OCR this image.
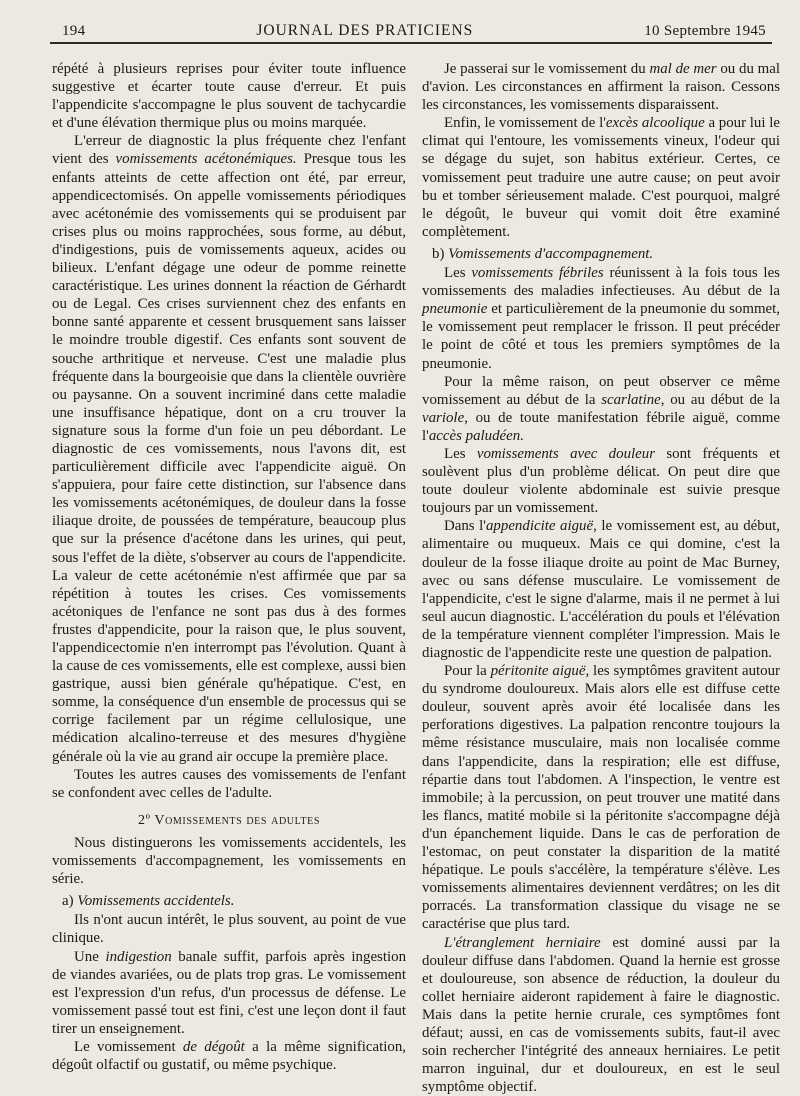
194	JOURNAL DES PRATICIENS	10 Septembre 1945

répété à plusieurs reprises pour éviter toute influence suggestive et écarter toute cause d'erreur. Et puis l'appendicite s'accompagne le plus souvent de tachycardie et d'une élévation thermique plus ou moins marquée.

L'erreur de diagnostic la plus fréquente chez l'enfant vient des vomissements acétonémiques. Presque tous les enfants atteints de cette affection ont été, par erreur, appendicectomisés. On appelle vomissements périodiques avec acétonémie des vomissements qui se produisent par crises plus ou moins rapprochées, sous forme, au début, d'indigestions, puis de vomissements aqueux, acides ou bilieux. L'enfant dégage une odeur de pomme reinette caractéristique. Les urines donnent la réaction de Gérhardt ou de Legal. Ces crises surviennent chez des enfants en bonne santé apparente et cessent brusquement sans laisser le moindre trouble digestif. Ces enfants sont souvent de souche arthritique et nerveuse. C'est une maladie plus fréquente dans la bourgeoisie que dans la clientèle ouvrière ou paysanne. On a souvent incriminé dans cette maladie une insuffisance hépatique, dont on a cru trouver la signature sous la forme d'un foie un peu débordant. Le diagnostic de ces vomissements, nous l'avons dit, est particulièrement difficile avec l'appendicite aiguë. On s'appuiera, pour faire cette distinction, sur l'absence dans les vomissements acétonémiques, de douleur dans la fosse iliaque droite, de poussées de température, beaucoup plus que sur la présence d'acétone dans les urines, qui peut, sous l'effet de la diète, s'observer au cours de l'appendicite. La valeur de cette acétonémie n'est affirmée que par sa répétition à toutes les crises. Ces vomissements acétoniques de l'enfance ne sont pas dus à des formes frustes d'appendicite, pour la raison que, le plus souvent, l'appendicectomie n'en interrompt pas l'évolution. Quant à la cause de ces vomissements, elle est complexe, aussi bien gastrique, aussi bien générale qu'hépatique. C'est, en somme, la conséquence d'un ensemble de processus qui se corrige facilement par un régime cellulosique, une médication alcalino-terreuse et des mesures d'hygiène générale où la vie au grand air occupe la première place.

Toutes les autres causes des vomissements de l'enfant se confondent avec celles de l'adulte.

2º Vomissements des adultes

Nous distinguerons les vomissements accidentels, les vomissements d'accompagnement, les vomissements en série.

a) Vomissements accidentels.

Ils n'ont aucun intérêt, le plus souvent, au point de vue clinique.

Une indigestion banale suffit, parfois après ingestion de viandes avariées, ou de plats trop gras. Le vomissement est l'expression d'un refus, d'un processus de défense. Le vomissement passé tout est fini, c'est une leçon dont il faut tirer un enseignement.

Le vomissement de dégoût a la même signification, dégoût olfactif ou gustatif, ou même psychique.

Je passerai sur le vomissement du mal de mer ou du mal d'avion. Les circonstances en affirment la raison. Cessons les circonstances, les vomissements disparaissent.

Enfin, le vomissement de l'excès alcoolique a pour lui le climat qui l'entoure, les vomissements vineux, l'odeur qui se dégage du sujet, son habitus extérieur. Certes, ce vomissement peut traduire une autre cause; on peut avoir bu et tomber sérieusement malade. C'est pourquoi, malgré le dégoût, le buveur qui vomit doit être examiné complètement.

b) Vomissements d'accompagnement.

Les vomissements fébriles réunissent à la fois tous les vomissements des maladies infectieuses. Au début de la pneumonie et particulièrement de la pneumonie du sommet, le vomissement peut remplacer le frisson. Il peut précéder le point de côté et tous les premiers symptômes de la pneumonie.

Pour la même raison, on peut observer ce même vomissement au début de la scarlatine, ou au début de la variole, ou de toute manifestation fébrile aiguë, comme l'accès paludéen.

Les vomissements avec douleur sont fréquents et soulèvent plus d'un problème délicat. On peut dire que toute douleur violente abdominale est suivie presque toujours par un vomissement.

Dans l'appendicite aiguë, le vomissement est, au début, alimentaire ou muqueux. Mais ce qui domine, c'est la douleur de la fosse iliaque droite au point de Mac Burney, avec ou sans défense musculaire. Le vomissement de l'appendicite, c'est le signe d'alarme, mais il ne permet à lui seul aucun diagnostic. L'accélération du pouls et l'élévation de la température viennent compléter l'impression. Mais le diagnostic de l'appendicite reste une question de palpation.

Pour la péritonite aiguë, les symptômes gravitent autour du syndrome douloureux. Mais alors elle est diffuse cette douleur, souvent après avoir été localisée dans les perforations digestives. La palpation rencontre toujours la même résistance musculaire, mais non localisée comme dans l'appendicite, dans la respiration; elle est diffuse, répartie dans tout l'abdomen. A l'inspection, le ventre est immobile; à la percussion, on peut trouver une matité dans les flancs, matité mobile si la péritonite s'accompagne déjà d'un épanchement liquide. Dans le cas de perforation de l'estomac, on peut constater la disparition de la matité hépatique. Le pouls s'accélère, la température s'élève. Les vomissements alimentaires deviennent verdâtres; on les dit porracés. La transformation classique du visage ne se caractérise que plus tard.

L'étranglement herniaire est dominé aussi par la douleur diffuse dans l'abdomen. Quand la hernie est grosse et douloureuse, son absence de réduction, la douleur du collet herniaire aideront rapidement à faire le diagnostic. Mais dans la petite hernie crurale, ces symptômes font défaut; aussi, en cas de vomissements subits, faut-il avec soin rechercher l'intégrité des anneaux herniaires. Le petit marron inguinal, dur et douloureux, en est le seul symptôme objectif.
